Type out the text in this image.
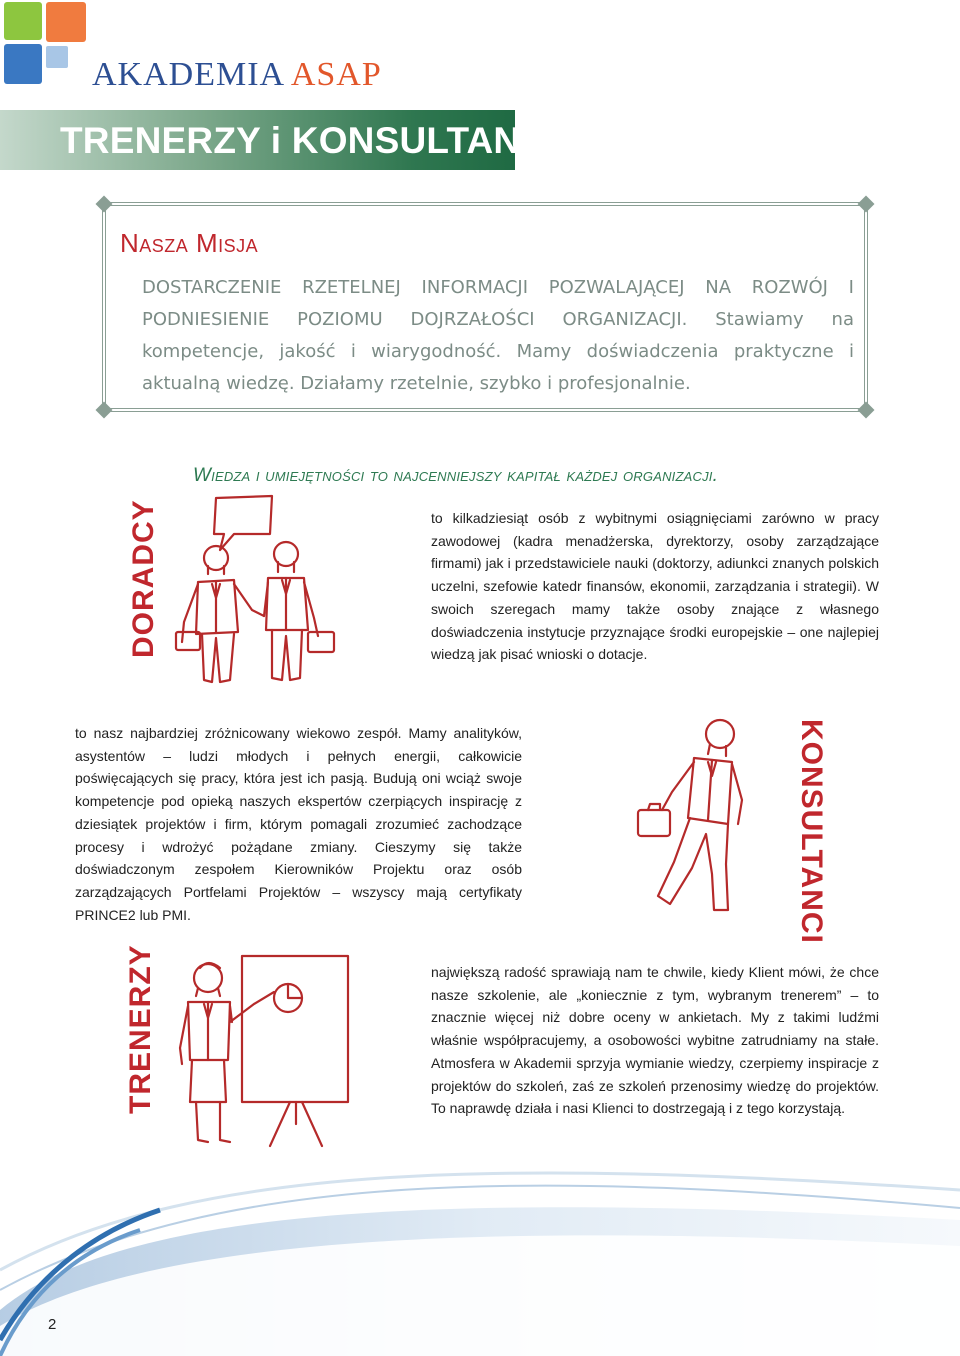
AKADEMIA ASAP
TRENERZY i KONSULTANCI
Nasza Misja
DOSTARCZENIE RZETELNEJ INFORMACJI POZWALAJĄCEJ NA ROZWÓJ I PODNIESIENIE POZIOMU DOJRZAŁOŚCI ORGANIZACJI. Stawiamy na kompetencje, jakość i wiarygodność. Mamy doświadczenia praktyczne i aktualną wiedzę. Działamy rzetelnie, szybko i profesjonalnie.
Wiedza i umiejętności to najcenniejszy kapitał każdej organizacji.
DORADCY	to kilkadziesiąt osób z wybitnymi osiągnięciami zarówno w pracy zawodowej (kadra menadżerska, dyrektorzy, osoby zarządzające firmami) jak i przedstawiciele nauki (doktorzy, adiunkci znanych polskich uczelni, szefowie katedr finansów, ekonomii, zarządzania i strategii). W swoich szeregach mamy także osoby znające z własnego doświadczenia instytucje przyznające środki europejskie – one najlepiej wiedzą jak pisać wnioski o dotacje.
to nasz najbardziej zróżnicowany wiekowo zespół. Mamy analityków, asystentów – ludzi młodych i pełnych energii, całkowicie poświęcających się pracy, która jest ich pasją. Budują oni wciąż swoje kompetencje pod opieką naszych ekspertów czerpiących inspirację z dziesiątek projektów i firm, którym pomagali zrozumieć zachodzące procesy i wdrożyć pożądane zmiany. Cieszymy się także doświadczonym zespołem Kierowników Projektu oraz osób zarządzających Portfelami Projektów – wszyscy mają certyfikaty PRINCE2 lub PMI.	KONSULTANCI
TRENERZY	największą radość sprawiają nam te chwile, kiedy Klient mówi, że chce nasze szkolenie, ale „koniecznie z tym, wybranym trenerem” – to znacznie więcej niż dobre oceny w ankietach. My z takimi ludźmi właśnie współpracujemy, a osobowości wybitne zatrudniamy na stałe. Atmosfera w Akademii sprzyja wymianie wiedzy, czerpiemy inspiracje z projektów do szkoleń, zaś ze szkoleń przenosimy wiedzę do projektów. To naprawdę działa i nasi Klienci to dostrzegają i z tego korzystają.
2
